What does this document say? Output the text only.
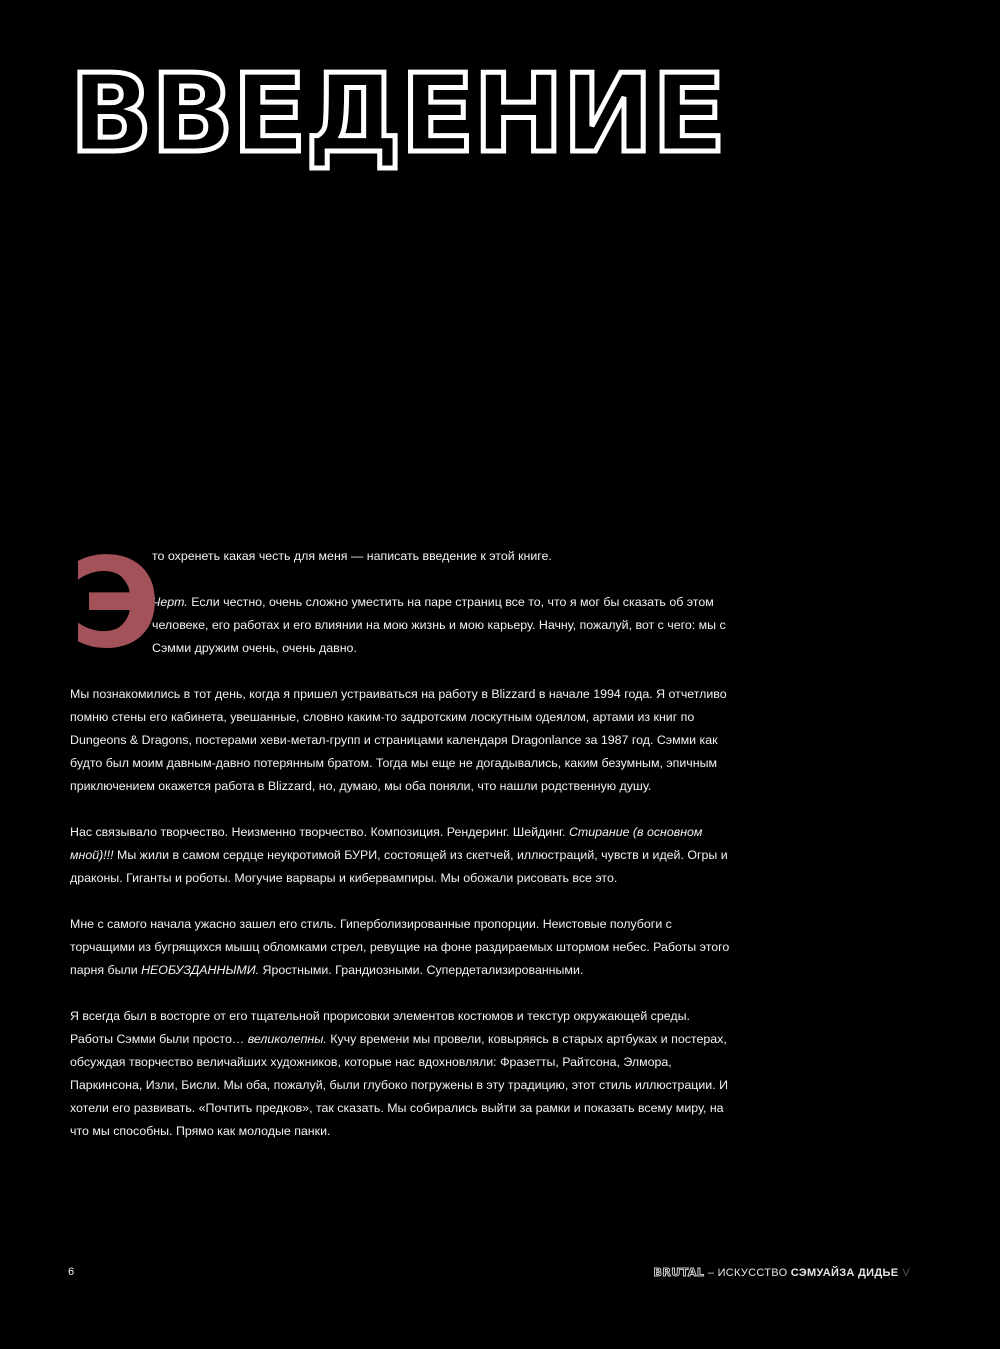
ВВЕДЕНИЕ
Э

то охренеть какая честь для меня — написать введение к этой книге.

Черт. Если честно, очень сложно уместить на паре страниц все то, что я мог бы сказать об этом человеке, его работах и его влиянии на мою жизнь и мою карьеру. Начну, пожалуй, вот с чего: мы с Сэмми дружим очень, очень давно.

Мы познакомились в тот день, когда я пришел устраиваться на работу в Blizzard в начале 1994 года. Я отчетливо помню стены его кабинета, увешанные, словно каким-то задротским лоскутным одеялом, артами из книг по Dungeons & Dragons, постерами хеви-метал-групп и страницами календаря Dragonlance за 1987 год. Сэмми как будто был моим давным-давно потерянным братом. Тогда мы еще не догадывались, каким безумным, эпичным приключением окажется работа в Blizzard, но, думаю, мы оба поняли, что нашли родственную душу.

Нас связывало творчество. Неизменно творчество. Композиция. Рендеринг. Шейдинг. Стирание (в основном мной)!!! Мы жили в самом сердце неукротимой БУРИ, состоящей из скетчей, иллюстраций, чувств и идей. Огры и драконы. Гиганты и роботы. Могучие варвары и кибервампиры. Мы обожали рисовать все это.

Мне с самого начала ужасно зашел его стиль. Гиперболизированные пропорции. Неистовые полубоги с торчащими из бугрящихся мышц обломками стрел, ревущие на фоне раздираемых штормом небес. Работы этого парня были НЕОБУЗДАННЫМИ. Яростными. Грандиозными. Супердетализированными.

Я всегда был в восторге от его тщательной прорисовки элементов костюмов и текстур окружающей среды. Работы Сэмми были просто… великолепны. Кучу времени мы провели, ковыряясь в старых артбуках и постерах, обсуждая творчество величайших художников, которые нас вдохновляли: Фразетты, Райтсона, Элмора, Паркинсона, Изли, Бисли. Мы оба, пожалуй, были глубоко погружены в эту традицию, этот стиль иллюстрации. И хотели его развивать. «Почтить предков», так сказать. Мы собирались выйти за рамки и показать всему миру, на что мы способны. Прямо как молодые панки.

6	BRUTAL – ИСКУССТВО СЭМУАЙЗА ДИДЬЕ V
